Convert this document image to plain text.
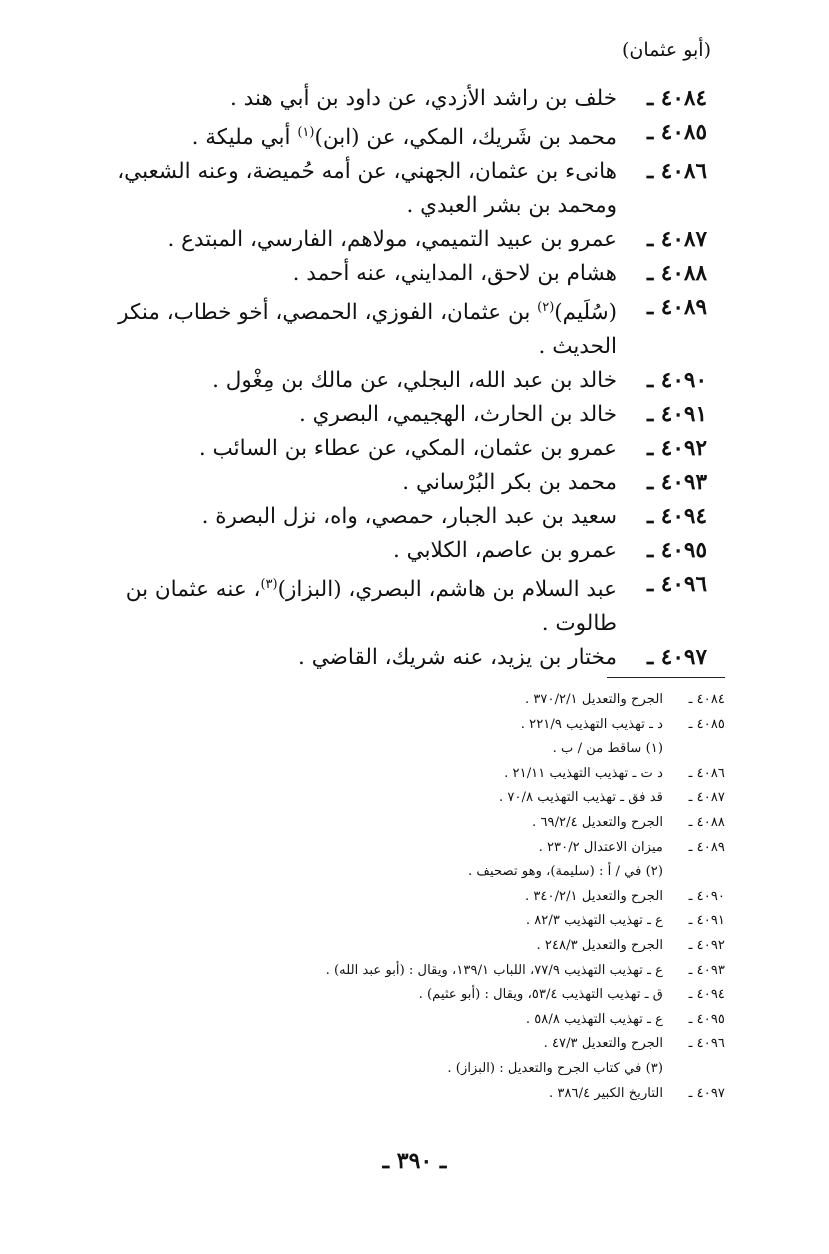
(أبو عثمان)
٤٠٨٤ ـ
خلف بن راشد الأزدي، عن داود بن أبي هند .
٤٠٨٥ ـ
محمد بن شَريك، المكي، عن (ابن)$^{(١)}$ أبي مليكة .
٤٠٨٦ ـ
هانىء بن عثمان، الجهني، عن أمه حُميضة، وعنه الشعبي، ومحمد بن بشر العبدي .
٤٠٨٧ ـ
عمرو بن عبيد التميمي، مولاهم، الفارسي، المبتدع .
٤٠٨٨ ـ
هشام بن لاحق، المدايني، عنه أحمد .
٤٠٨٩ ـ
(سُلَيم)$^{(٢)}$ بن عثمان، الفوزي، الحمصي، أخو خطاب، منكر الحديث .
٤٠٩٠ ـ
خالد بن عبد الله، البجلي، عن مالك بن مِغْول .
٤٠٩١ ـ
خالد بن الحارث، الهجيمي، البصري .
٤٠٩٢ ـ
عمرو بن عثمان، المكي، عن عطاء بن السائب .
٤٠٩٣ ـ
محمد بن بكر البُرْساني .
٤٠٩٤ ـ
سعيد بن عبد الجبار، حمصي، واه، نزل البصرة .
٤٠٩٥ ـ
عمرو بن عاصم، الكلابي .
٤٠٩٦ ـ
عبد السلام بن هاشم، البصري، (البزاز)$^{(٣)}$، عنه عثمان بن طالوت .
٤٠٩٧ ـ
مختار بن يزيد، عنه شريك، القاضي .
٤٠٨٤ ـ
الجرح والتعديل ٣٧٠/٢/١ .
٤٠٨٥ ـ
د ـ تهذيب التهذيب ٢٢١/٩ .
(١) ساقط من / ب .
٤٠٨٦ ـ
د ت ـ تهذيب التهذيب ٢١/١١ .
٤٠٨٧ ـ
قد فق ـ تهذيب التهذيب ٧٠/٨ .
٤٠٨٨ ـ
الجرح والتعديل ٦٩/٢/٤ .
٤٠٨٩ ـ
ميزان الاعتدال ٢٣٠/٢ .
(٢) في / أ : (سليمة)، وهو تصحيف .
٤٠٩٠ ـ
الجرح والتعديل ٣٤٠/٢/١ .
٤٠٩١ ـ
ع ـ تهذيب التهذيب ٨٢/٣ .
٤٠٩٢ ـ
الجرح والتعديل ٢٤٨/٣ .
٤٠٩٣ ـ
ع ـ تهذيب التهذيب ٧٧/٩، اللباب ١٣٩/١، ويقال : (أبو عبد الله) .
٤٠٩٤ ـ
ق ـ تهذيب التهذيب ٥٣/٤، ويقال : (أبو عثيم) .
٤٠٩٥ ـ
ع ـ تهذيب التهذيب ٥٨/٨ .
٤٠٩٦ ـ
الجرح والتعديل ٤٧/٣ .
(٣) في كتاب الجرح والتعديل : (البزاز) .
٤٠٩٧ ـ
التاريخ الكبير ٣٨٦/٤ .
ـ ٣٩٠ ـ
